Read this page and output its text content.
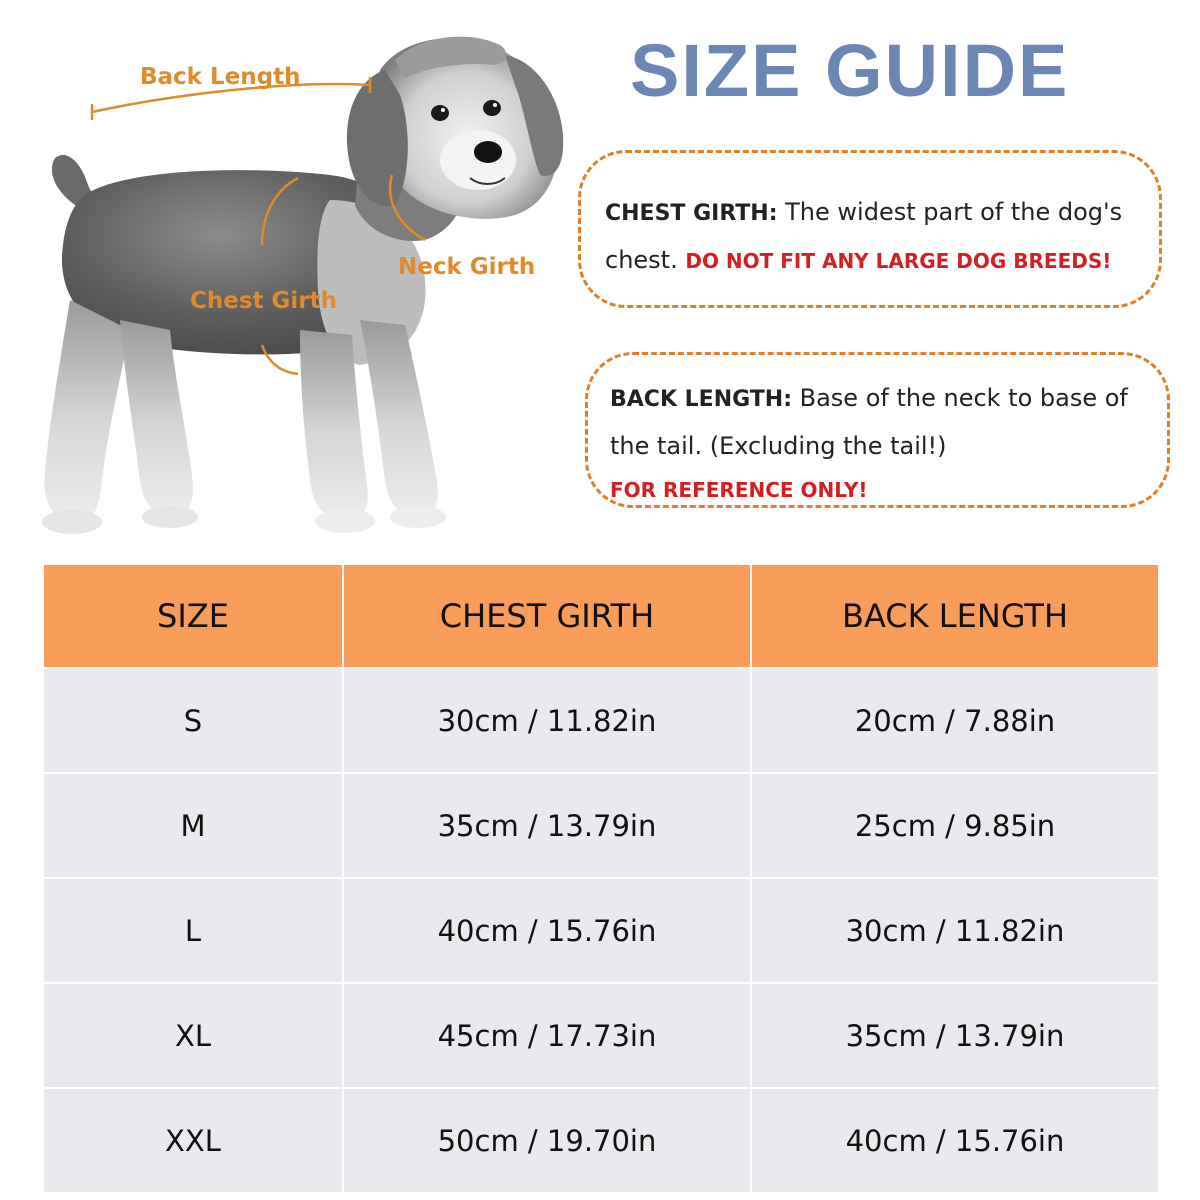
SIZE GUIDE
Back Length
Neck Girth
Chest Girth
CHEST GIRTH: The widest part of the dog's
chest. DO NOT FIT ANY LARGE DOG BREEDS!
BACK LENGTH: Base of the neck to base of
the tail. (Excluding the tail!)
FOR REFERENCE ONLY!
SIZE	CHEST GIRTH	BACK LENGTH
S	30cm / 11.82in	20cm / 7.88in
M	35cm / 13.79in	25cm / 9.85in
L	40cm / 15.76in	30cm / 11.82in
XL	45cm / 17.73in	35cm / 13.79in
XXL	50cm / 19.70in	40cm / 15.76in
